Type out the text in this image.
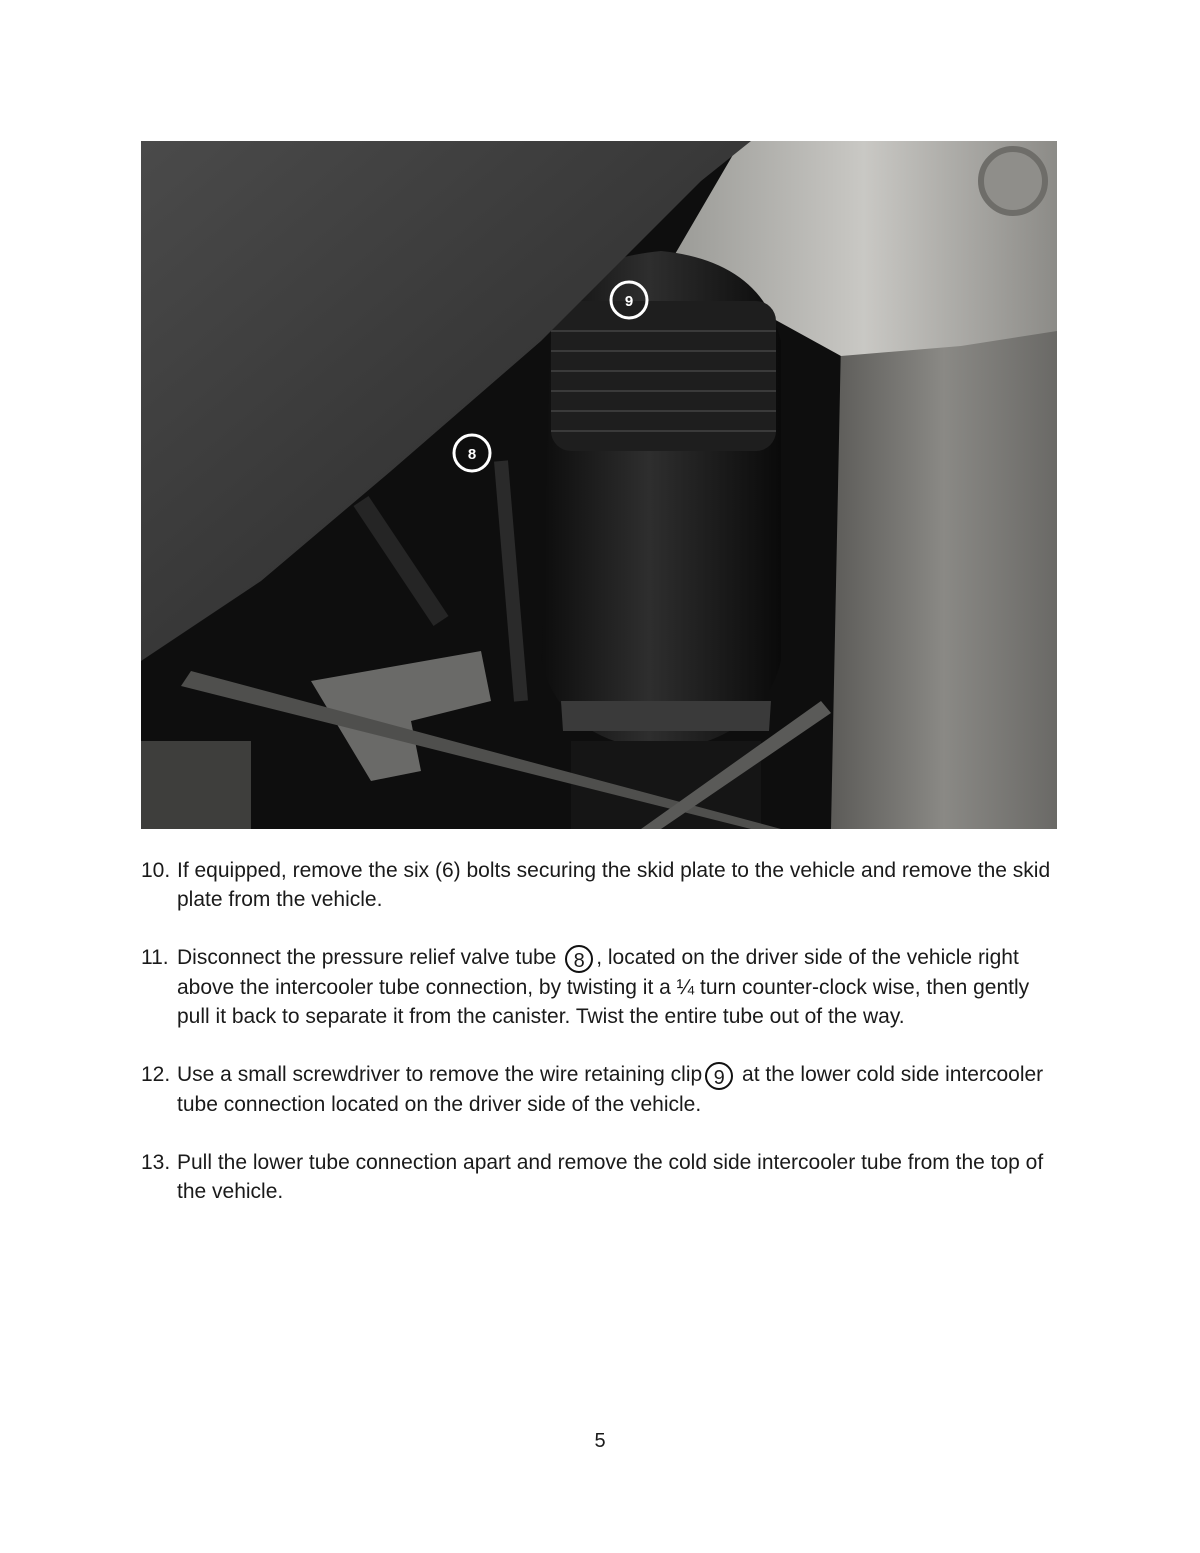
9
8
10. If equipped, remove the six (6) bolts securing the skid plate to the vehicle and remove the skid plate from the vehicle.
11. Disconnect the pressure relief valve tube 8 , located on the driver side of the vehicle right above the intercooler tube connection, by twisting it a ¼ turn counter-clock wise, then gently pull it back to separate it from the canister. Twist the entire tube out of the way.
12. Use a small screwdriver to remove the wire retaining clip 9 at the lower cold side intercooler tube connection located on the driver side of the vehicle.
13. Pull the lower tube connection apart and remove the cold side intercooler tube from the top of the vehicle.
5
